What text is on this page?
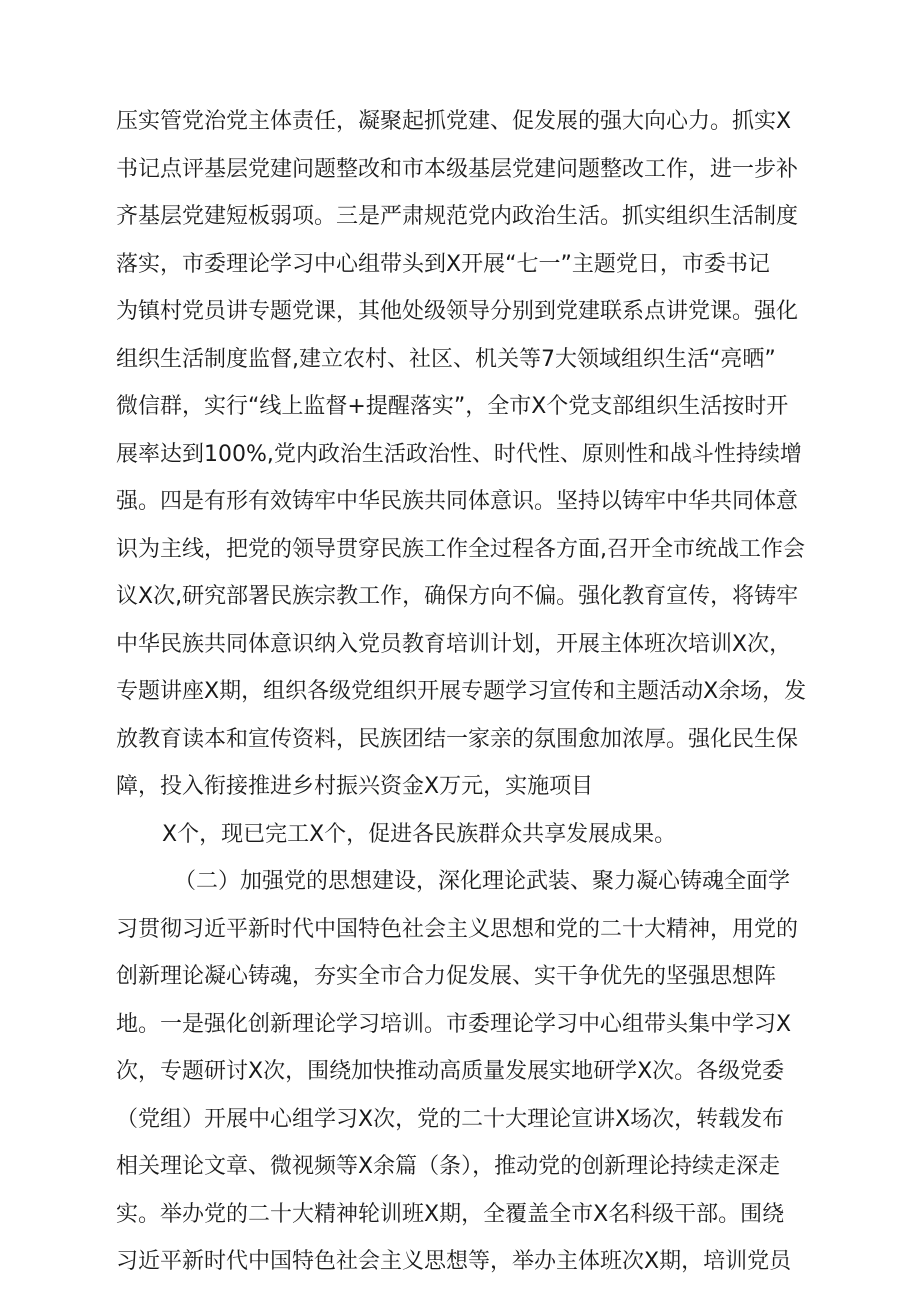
压实管党治党主体责任，凝聚起抓党建、促发展的强大向心力。抓实X
书记点评基层党建问题整改和市本级基层党建问题整改工作，进一步补
齐基层党建短板弱项。三是严肃规范党内政治生活。抓实组织生活制度
落实，市委理论学习中心组带头到X开展“七一”主题党日，市委书记
为镇村党员讲专题党课，其他处级领导分别到党建联系点讲党课。强化
组织生活制度监督,建立农村、社区、机关等7大领域组织生活“亮晒”
微信群，实行“线上监督+提醒落实”，全市X个党支部组织生活按时开
展率达到100%,党内政治生活政治性、时代性、原则性和战斗性持续增
强。四是有形有效铸牢中华民族共同体意识。坚持以铸牢中华共同体意
识为主线，把党的领导贯穿民族工作全过程各方面,召开全市统战工作会
议X次,研究部署民族宗教工作，确保方向不偏。强化教育宣传，将铸牢
中华民族共同体意识纳入党员教育培训计划，开展主体班次培训X次，
专题讲座X期，组织各级党组织开展专题学习宣传和主题活动X余场，发
放教育读本和宣传资料，民族团结一家亲的氛围愈加浓厚。强化民生保
障，投入衔接推进乡村振兴资金X万元，实施项目
X个，现已完工X个，促进各民族群众共享发展成果。
（二）加强党的思想建设，深化理论武装、聚力凝心铸魂全面学
习贯彻习近平新时代中国特色社会主义思想和党的二十大精神，用党的
创新理论凝心铸魂，夯实全市合力促发展、实干争优先的坚强思想阵
地。一是强化创新理论学习培训。市委理论学习中心组带头集中学习X
次，专题研讨X次，围绕加快推动高质量发展实地研学X次。各级党委
（党组）开展中心组学习X次，党的二十大理论宣讲X场次，转载发布
相关理论文章、微视频等X余篇（条），推动党的创新理论持续走深走
实。举办党的二十大精神轮训班X期，全覆盖全市X名科级干部。围绕
习近平新时代中国特色社会主义思想等，举办主体班次X期，培训党员
